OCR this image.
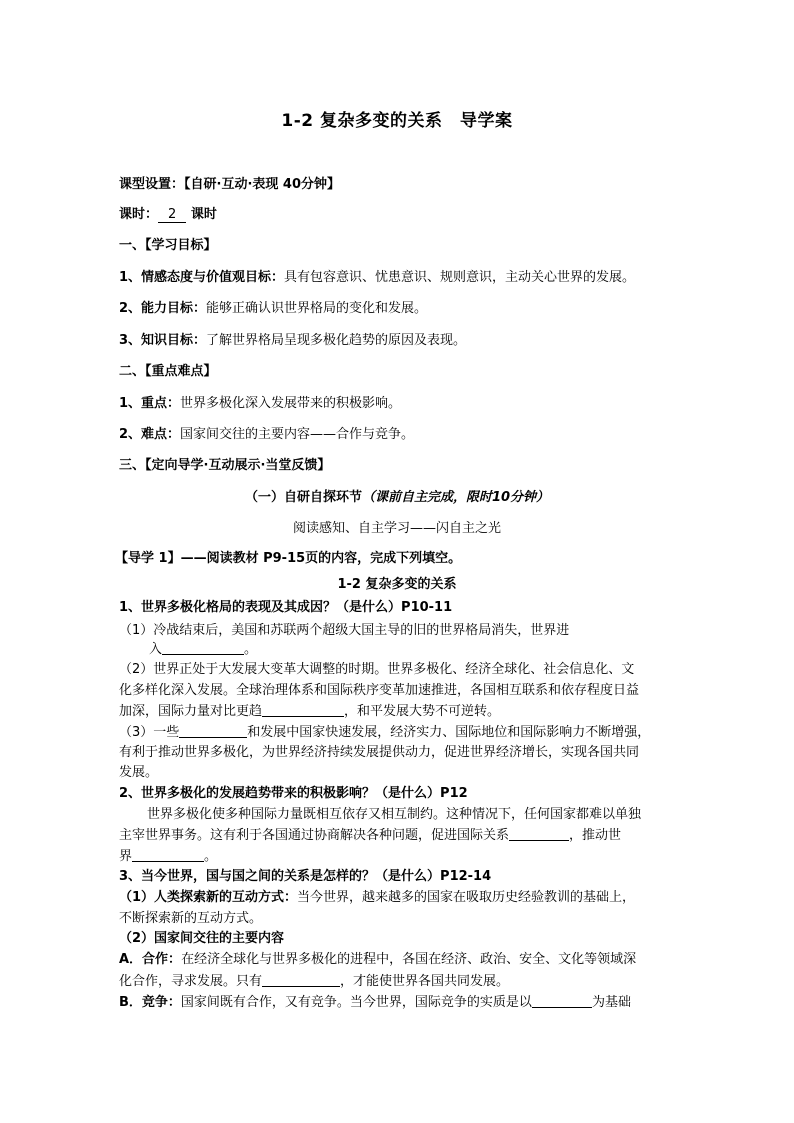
1-2 复杂多变的关系　导学案
课型设置：【自研·互动·表现 40分钟】
课时： 2 课时
一、【学习目标】
1、情感态度与价值观目标：具有包容意识、忧患意识、规则意识，主动关心世界的发展。
2、能力目标：能够正确认识世界格局的变化和发展。
3、知识目标：了解世界格局呈现多极化趋势的原因及表现。
二、【重点难点】
1、重点：世界多极化深入发展带来的积极影响。
2、难点：国家间交往的主要内容——合作与竞争。
三、【定向导学·互动展示·当堂反馈】
（一）自研自探环节（课前自主完成，限时10分钟）
阅读感知、自主学习——闪自主之光
【导学 1】——阅读教材 P9-15页的内容，完成下列填空。
1-2 复杂多变的关系
1、世界多极化格局的表现及其成因？（是什么）P10-11
（1）冷战结束后，美国和苏联两个超级大国主导的旧的世界格局消失，世界进
入	。
（2）世界正处于大发展大变革大调整的时期。世界多极化、经济全球化、社会信息化、文
化多样化深入发展。全球治理体系和国际秩序变革加速推进，各国相互联系和依存程度日益
加深，国际力量对比更趋	，和平发展大势不可逆转。
（3）一些	和发展中国家快速发展，经济实力、国际地位和国际影响力不断增强，
有利于推动世界多极化，为世界经济持续发展提供动力，促进世界经济增长，实现各国共同
发展。
2、世界多极化的发展趋势带来的积极影响？（是什么）P12
世界多极化使多种国际力量既相互依存又相互制约。这种情况下，任何国家都难以单独
主宰世界事务。这有利于各国通过协商解决各种问题，促进国际关系	，推动世
界	。
3、当今世界，国与国之间的关系是怎样的？（是什么）P12-14
（1）人类探索新的互动方式：当今世界，越来越多的国家在吸取历史经验教训的基础上，
不断探索新的互动方式。
（2）国家间交往的主要内容
A．合作：在经济全球化与世界多极化的进程中，各国在经济、政治、安全、文化等领域深
化合作，寻求发展。只有	，才能使世界各国共同发展。
B．竞争：国家间既有合作，又有竞争。当今世界，国际竞争的实质是以	为基础
